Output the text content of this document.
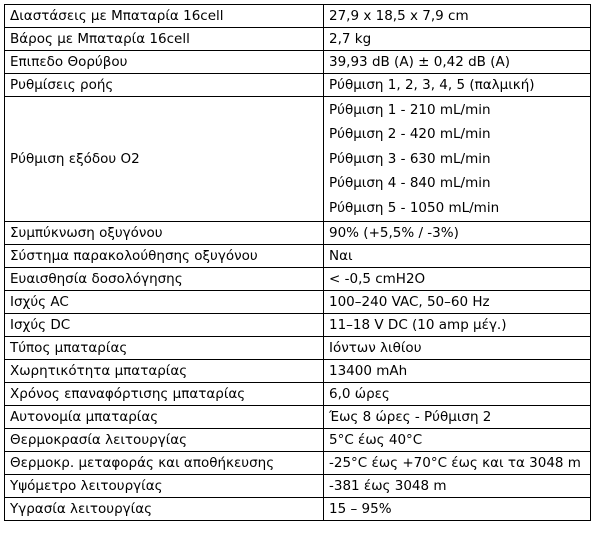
Διαστάσεις με Μπαταρία 16cell	27,9 x 18,5 x 7,9 cm
Βάρος με Μπαταρία 16cell	2,7 kg
Επιπεδο Θορύβου	39,93 dB (A) ± 0,42 dB (A)
Ρυθμίσεις ροής	Ρύθμιση 1, 2, 3, 4, 5 (παλμική)
Ρύθμιση εξόδου Ο2	Ρύθμιση 1 - 210 mL/min
Ρύθμιση 2 - 420 mL/min
Ρύθμιση 3 - 630 mL/min
Ρύθμιση 4 - 840 mL/min
Ρύθμιση 5 - 1050 mL/min

Συμπύκνωση οξυγόνου	90% (+5,5% / -3%)
Σύστημα παρακολούθησης οξυγόνου	Ναι
Ευαισθησία δοσολόγησης	< -0,5 cmH2O
Ισχύς AC	100–240 VAC, 50–60 Hz
Ισχύς DC	11–18 V DC (10 amp μέγ.)
Τύπος μπαταρίας	Ιόντων λιθίου
Χωρητικότητα μπαταρίας	13400 mAh
Χρόνος επαναφόρτισης μπαταρίας	6,0 ώρες
Αυτονομία μπαταρίας	Έως 8 ώρες - Ρύθμιση 2
Θερμοκρασία λειτουργίας	5°C έως 40°C
Θερμοκρ. μεταφοράς και αποθήκευσης	-25°C έως +70°C έως και τα 3048 m
Υψόμετρο λειτουργίας	-381 έως 3048 m
Υγρασία λειτουργίας	15 – 95%
